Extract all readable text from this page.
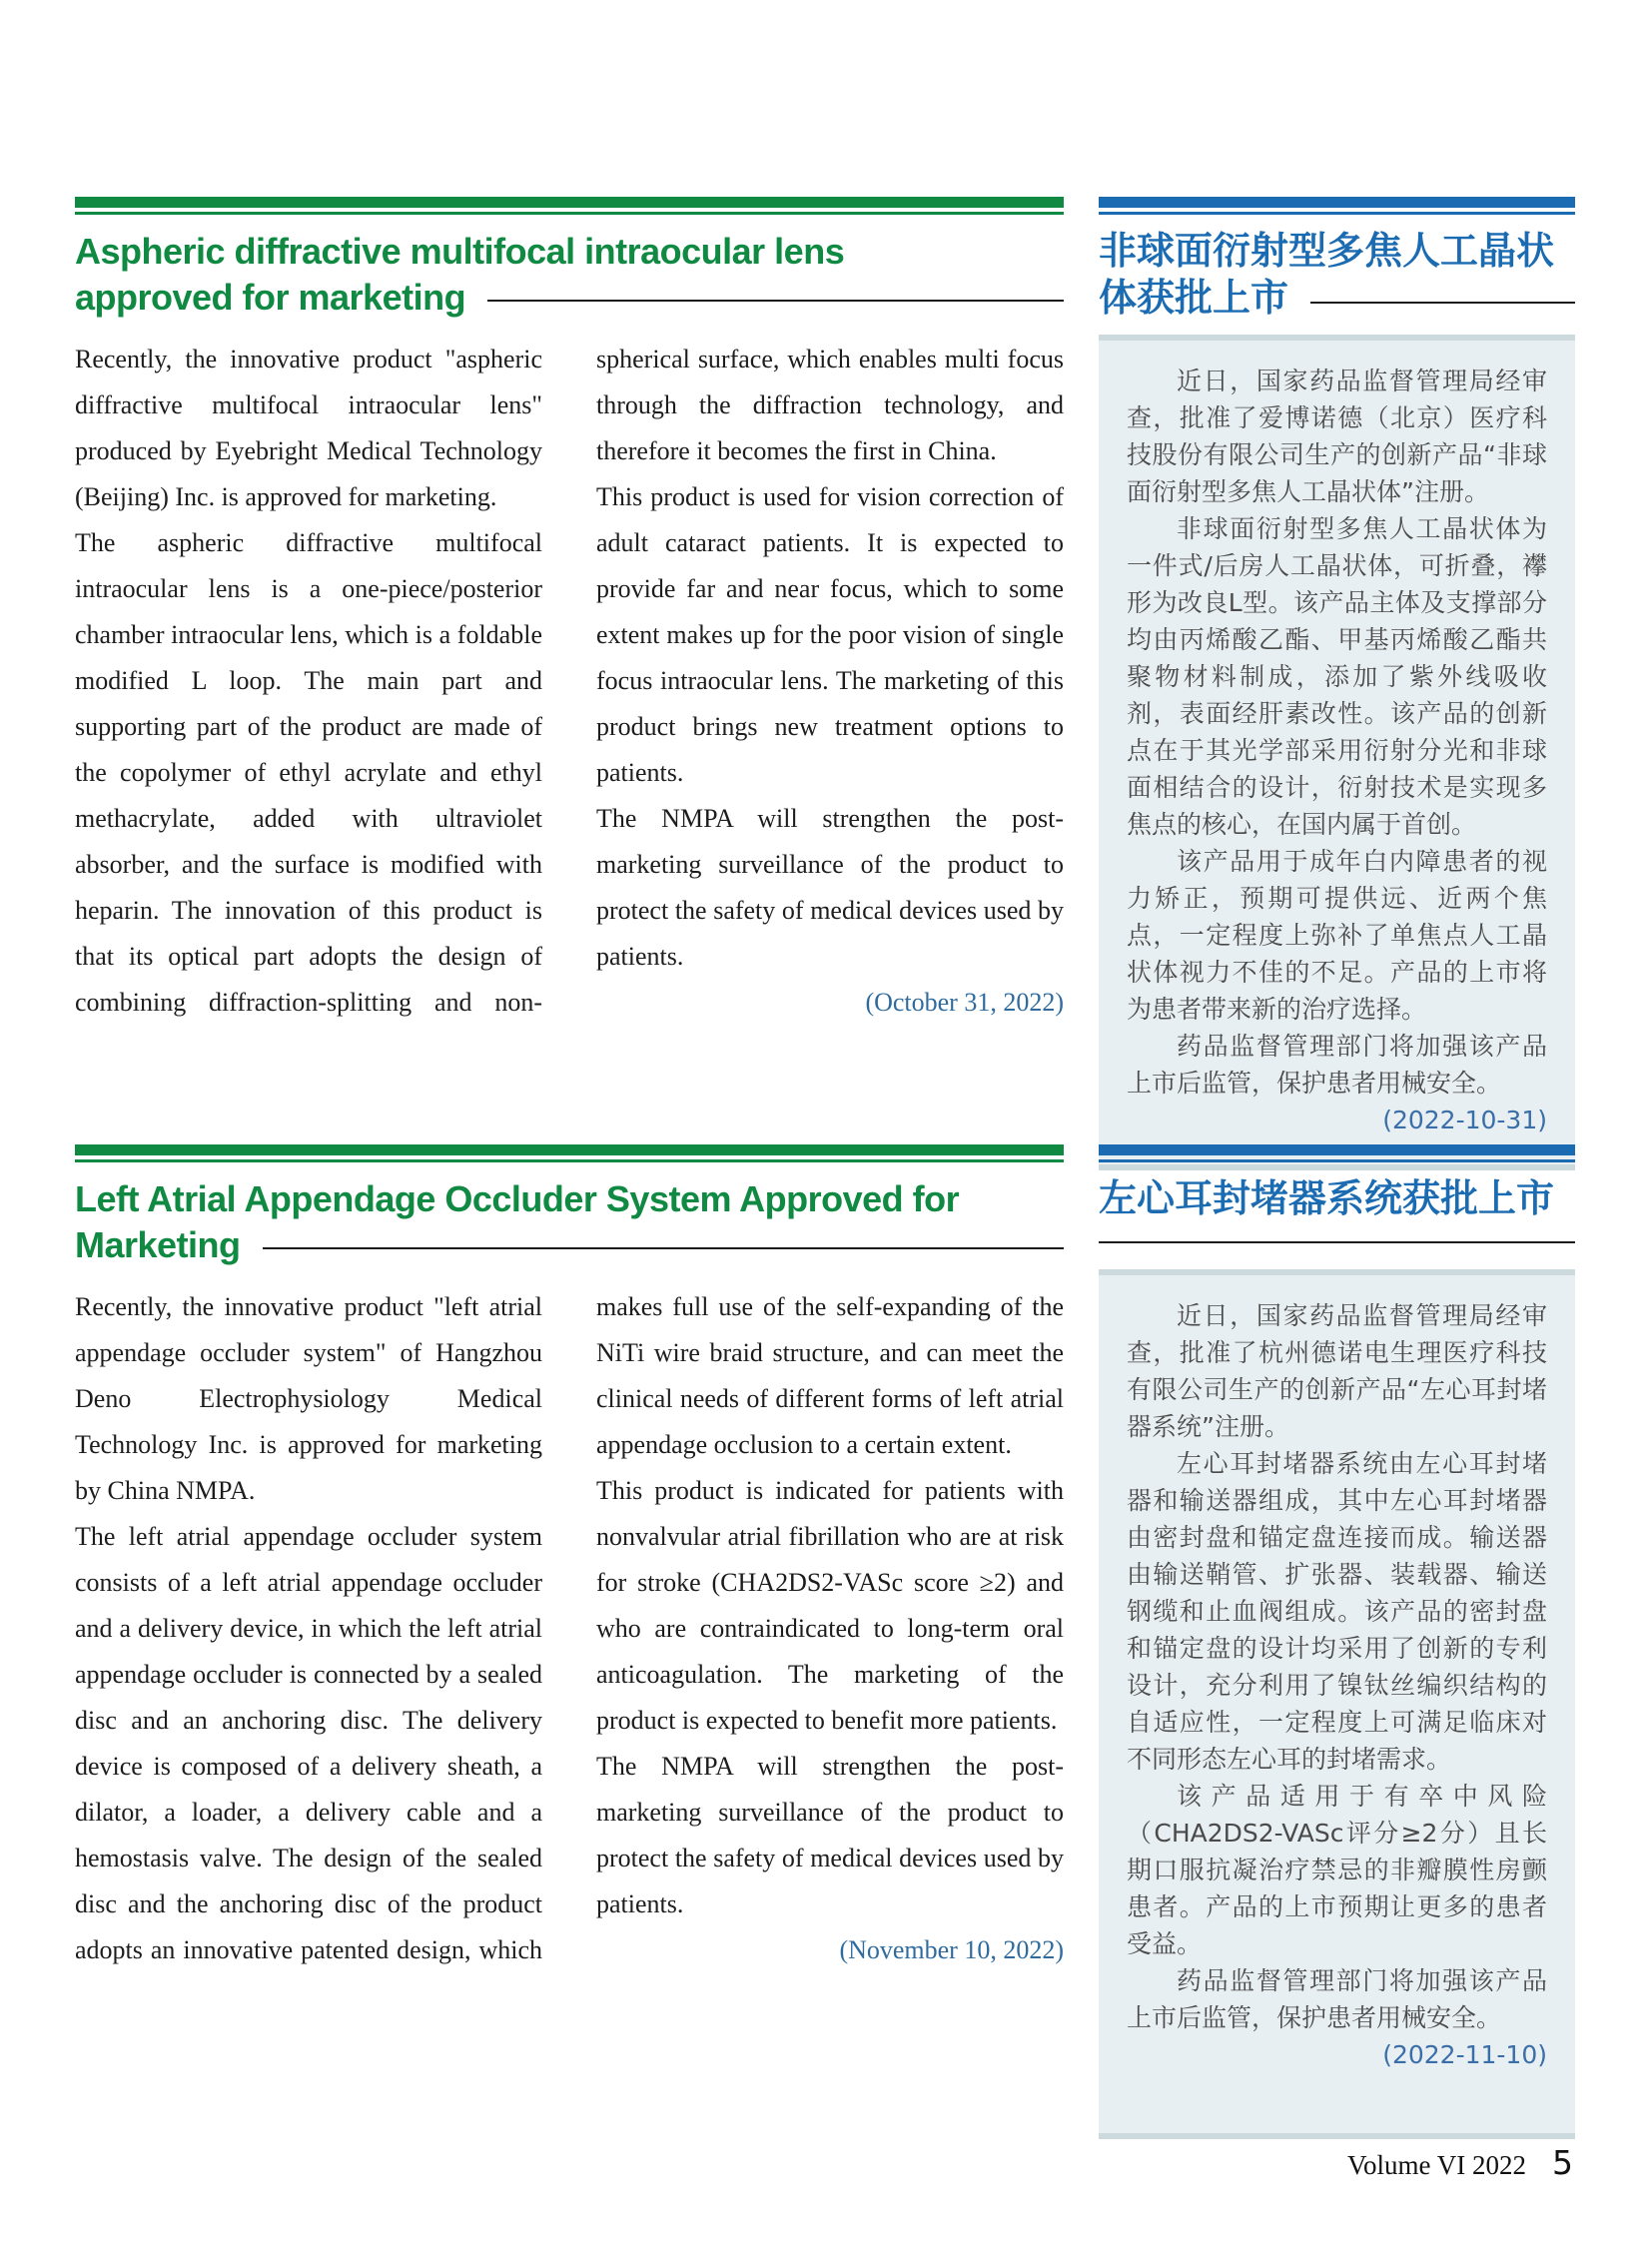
Aspheric diffractive multifocal intraocular lens
approved for marketing

Recently, the innovative product "aspheric diffractive multifocal intraocular lens" produced by Eyebright Medical Technology (Beijing) Inc. is approved for marketing.

The aspheric diffractive multifocal intraocular lens is a one-piece/posterior chamber intraocular lens, which is a foldable modified L loop. The main part and supporting part of the product are made of the copolymer of ethyl acrylate and ethyl methacrylate, added with ultraviolet absorber, and the surface is modified with heparin. The innovation of this product is that its optical part adopts the design of combining diffraction-splitting and non-spherical surface, which enables multi focus through the diffraction technology, and therefore it becomes the first in China.

This product is used for vision correction of adult cataract patients. It is expected to provide far and near focus, which to some extent makes up for the poor vision of single focus intraocular lens. The marketing of this product brings new treatment options to patients.

The NMPA will strengthen the post-marketing surveillance of the product to protect the safety of medical devices used by patients.

(October 31, 2022)

非球面衍射型多焦人工晶状
体获批上市

近日，国家药品监督管理局经审查，批准了爱博诺德（北京）医疗科技股份有限公司生产的创新产品“非球面衍射型多焦人工晶状体”注册。

非球面衍射型多焦人工晶状体为一件式/后房人工晶状体，可折叠，襻形为改良L型。该产品主体及支撑部分均由丙烯酸乙酯、甲基丙烯酸乙酯共聚物材料制成，添加了紫外线吸收剂，表面经肝素改性。该产品的创新点在于其光学部采用衍射分光和非球面相结合的设计，衍射技术是实现多焦点的核心，在国内属于首创。

该产品用于成年白内障患者的视力矫正，预期可提供远、近两个焦点，一定程度上弥补了单焦点人工晶状体视力不佳的不足。产品的上市将为患者带来新的治疗选择。

药品监督管理部门将加强该产品上市后监管，保护患者用械安全。

(2022-10-31)

Left Atrial Appendage Occluder System Approved for
Marketing

Recently, the innovative product "left atrial appendage occluder system" of Hangzhou Deno Electrophysiology Medical Technology Inc. is approved for marketing by China NMPA.

The left atrial appendage occluder system consists of a left atrial appendage occluder and a delivery device, in which the left atrial appendage occluder is connected by a sealed disc and an anchoring disc. The delivery device is composed of a delivery sheath, a dilator, a loader, a delivery cable and a hemostasis valve. The design of the sealed disc and the anchoring disc of the product adopts an innovative patented design, which makes full use of the self-expanding of the NiTi wire braid structure, and can meet the clinical needs of different forms of left atrial appendage occlusion to a certain extent.

This product is indicated for patients with nonvalvular atrial fibrillation who are at risk for stroke (CHA2DS2-VASc score ≥2) and who are contraindicated to long-term oral anticoagulation. The marketing of the product is expected to benefit more patients.

The NMPA will strengthen the post-marketing surveillance of the product to protect the safety of medical devices used by patients.

(November 10, 2022)

左心耳封堵器系统获批上市

近日，国家药品监督管理局经审查，批准了杭州德诺电生理医疗科技有限公司生产的创新产品“左心耳封堵器系统”注册。

左心耳封堵器系统由左心耳封堵器和输送器组成，其中左心耳封堵器由密封盘和锚定盘连接而成。输送器由输送鞘管、扩张器、装载器、输送钢缆和止血阀组成。该产品的密封盘和锚定盘的设计均采用了创新的专利设计，充分利用了镍钛丝编织结构的自适应性，一定程度上可满足临床对不同形态左心耳的封堵需求。

该产品适用于有卒中风险（CHA2DS2-VASc评分≥2分）且长期口服抗凝治疗禁忌的非瓣膜性房颤患者。产品的上市预期让更多的患者受益。

药品监督管理部门将加强该产品上市后监管，保护患者用械安全。

(2022-11-10)

Volume VI 2022 5
